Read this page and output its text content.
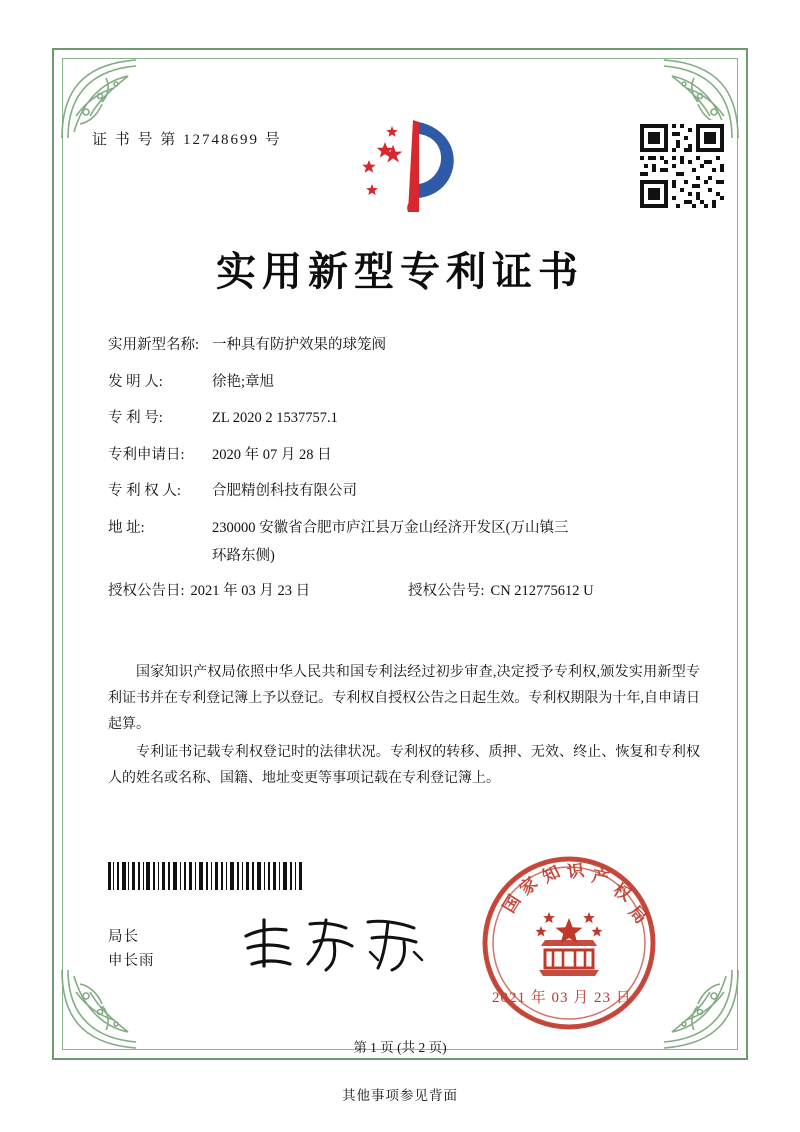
证 书 号 第 12748699 号
实用新型专利证书
实用新型名称: 一种具有防护效果的球笼阀
发 明 人:	徐艳;章旭
专 利 号:	ZL 2020 2 1537757.1
专利申请日:	2020 年 07 月 28 日
专 利 权 人:	合肥精创科技有限公司
地 址:	230000 安徽省合肥市庐江县万金山经济开发区(万山镇三
环路东侧)
授权公告日: 2021 年 03 月 23 日	授权公告号: CN 212775612 U

国家知识产权局依照中华人民共和国专利法经过初步审查,决定授予专利权,颁发实用新型专利证书并在专利登记簿上予以登记。专利权自授权公告之日起生效。专利权期限为十年,自申请日起算。

专利证书记载专利权登记时的法律状况。专利权的转移、质押、无效、终止、恢复和专利权人的姓名或名称、国籍、地址变更等事项记载在专利登记簿上。

局长
申长雨
国
家
知 识 产
权
局
2021 年 03 月 23 日
第 1 页 (共 2 页)
其他事项参见背面
